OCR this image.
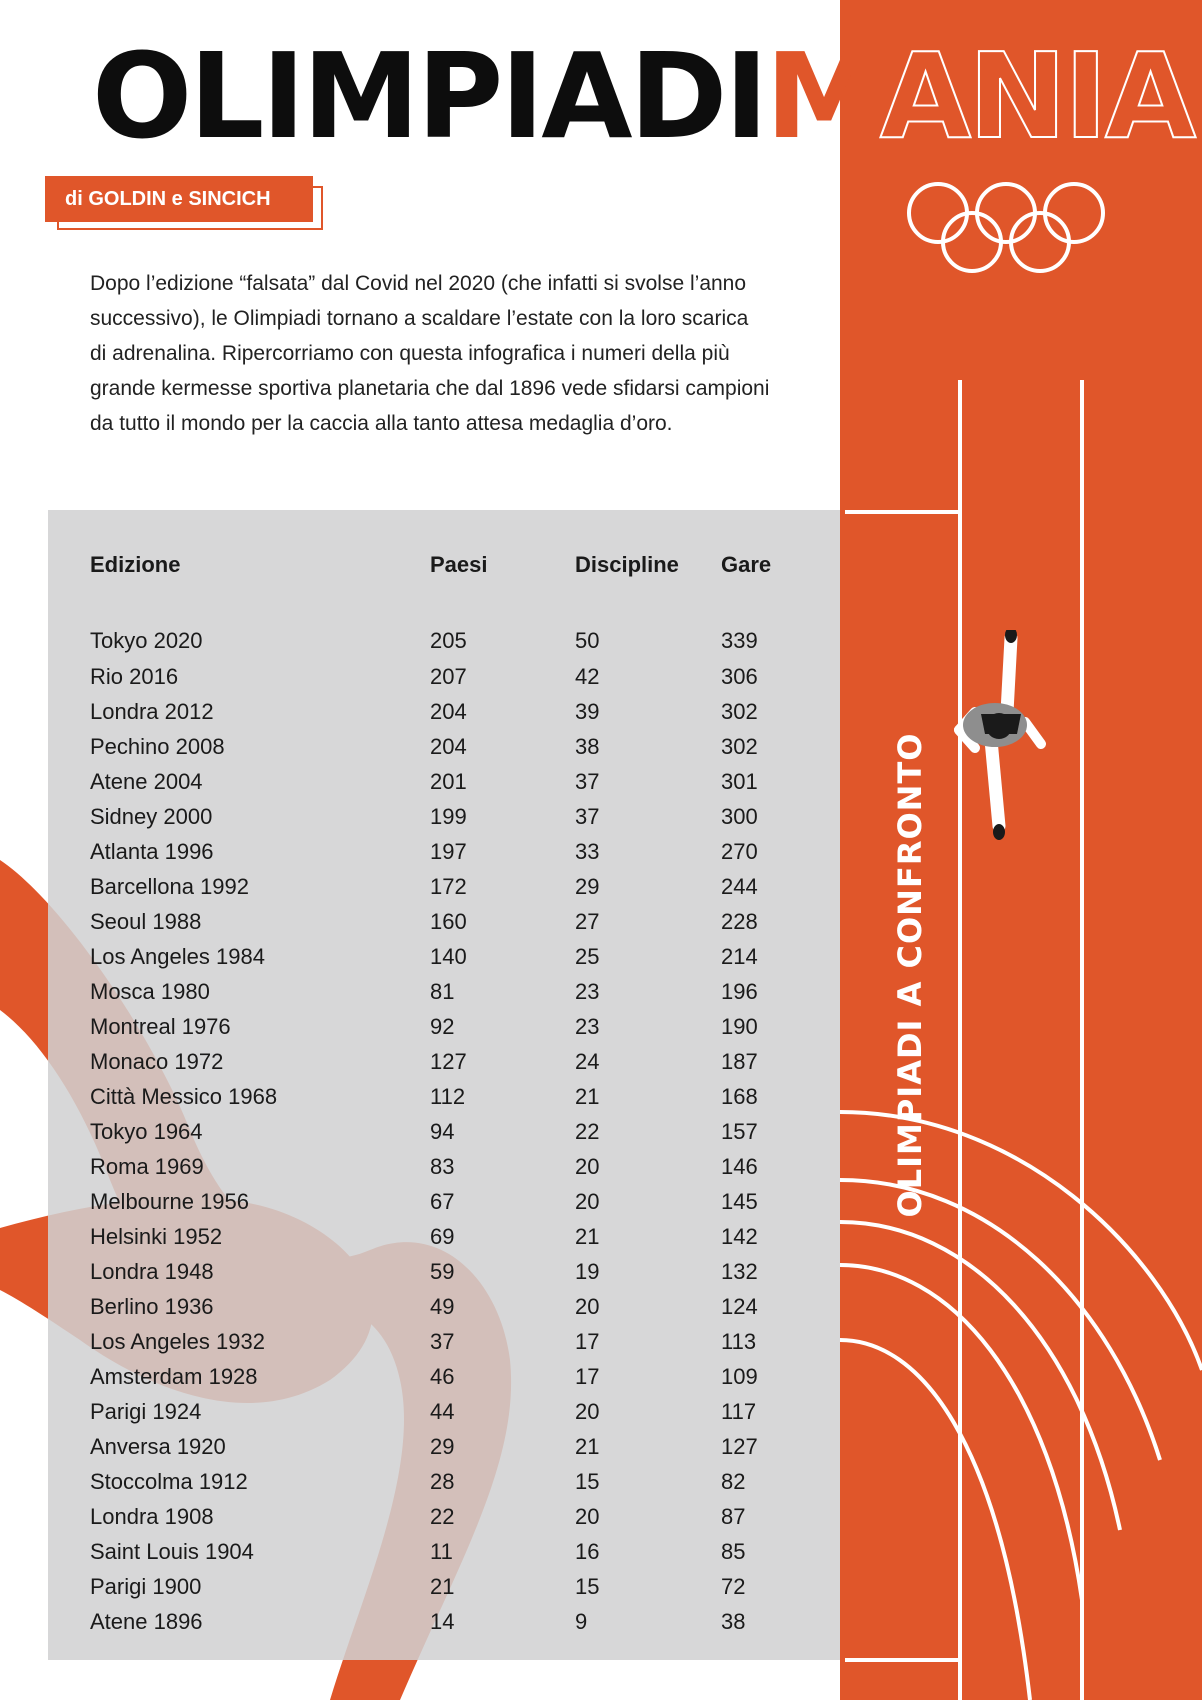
OLIMPIADIMANIA
di GOLDIN e SINCICH

Dopo l’edizione “falsata” dal Covid nel 2020 (che infatti si svolse l’anno successivo), le Olimpiadi tornano a scaldare l’estate con la loro scarica di adrenalina. Ripercorriamo con questa infografica i numeri della più grande kermesse sportiva planetaria che dal 1896 vede sfidarsi campioni da tutto il mondo per la caccia alla tanto attesa medaglia d’oro.

Edizione	Paesi	Discipline	Gare
Tokyo 2020	205	50	339
Rio 2016	207	42	306
Londra 2012	204	39	302
Pechino 2008	204	38	302
Atene 2004	201	37	301
Sidney 2000	199	37	300
Atlanta 1996	197	33	270
Barcellona 1992	172	29	244
Seoul 1988	160	27	228
Los Angeles 1984	140	25	214
Mosca 1980	81	23	196
Montreal 1976	92	23	190
Monaco 1972	127	24	187
Città Messico 1968	112	21	168
Tokyo 1964	94	22	157
Roma 1969	83	20	146
Melbourne 1956	67	20	145
Helsinki 1952	69	21	142
Londra 1948	59	19	132
Berlino 1936	49	20	124
Los Angeles 1932	37	17	113
Amsterdam 1928	46	17	109
Parigi 1924	44	20	117
Anversa 1920	29	21	127
Stoccolma 1912	28	15	82
Londra 1908	22	20	87
Saint Louis 1904	11	16	85
Parigi 1900	21	15	72
Atene 1896	14	9	38
OLIMPIADI A CONFRONTO
